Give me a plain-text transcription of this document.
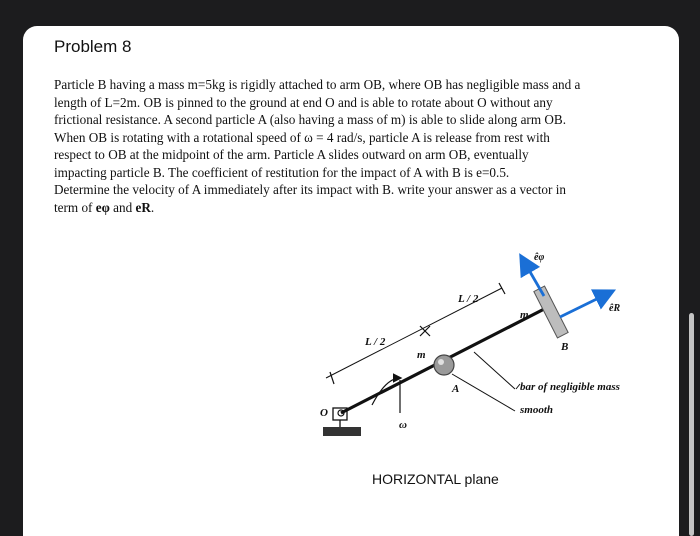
Problem 8

Particle B having a mass m=5kg is rigidly attached to arm OB, where OB has negligible mass and a

length of L=2m. OB is pinned to the ground at end O and is able to rotate about O without any

frictional resistance. A second particle A (also having a mass of m) is able to slide along arm OB.

When OB is rotating with a rotational speed of ω = 4 rad/s, particle A is release from rest with

respect to OB at the midpoint of the arm. Particle A slides outward on arm OB, eventually

impacting particle B. The coefficient of restitution for the impact of A with B is e=0.5.

Determine the velocity of A immediately after its impact with B. write your answer as a vector in

term of eφ and eR.

O
B
A
m
m
L / 2
L / 2
ω
êφ
êR
bar of negligible mass
smooth
HORIZONTAL plane
